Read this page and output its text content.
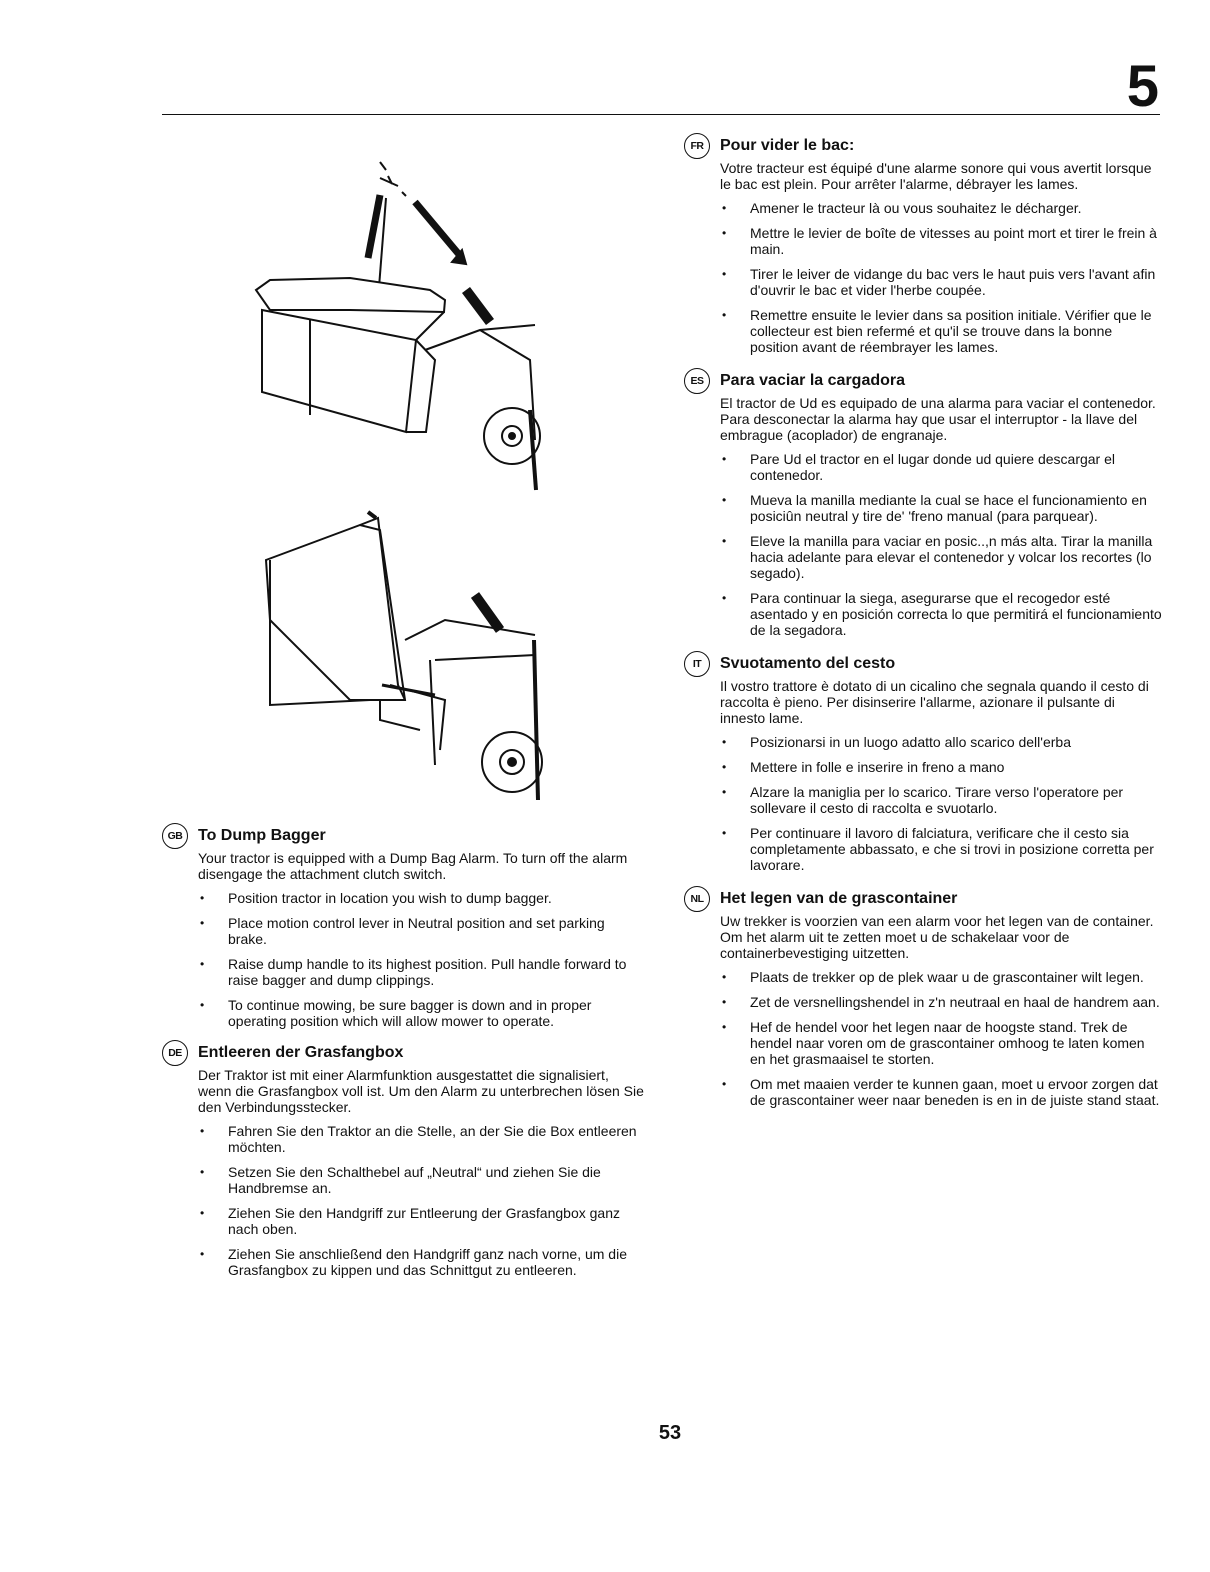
5
GB To Dump Bagger

Your tractor is equipped with a Dump Bag Alarm. To turn off the alarm disengage the attachment clutch switch.

• Position tractor in location you wish to dump bagger.
• Place motion control lever in Neutral position and set parking brake.
• Raise dump handle to its highest position. Pull handle forward to raise bagger and dump clippings.
• To continue mowing, be sure bagger is down and in proper operating position which will allow mower to operate.
DE	Entleeren der Grasfangbox

Der Traktor ist mit einer Alarmfunktion ausgestattet die signalisiert, wenn die Grasfangbox voll ist. Um den Alarm zu unterbrechen lösen Sie den Verbindungsstecker.

• Fahren Sie den Traktor an die Stelle, an der Sie die Box entleeren möchten.
• Setzen Sie den Schalthebel auf „Neutral“ und ziehen Sie die Handbremse an.
• Ziehen Sie den Handgriff zur Entleerung der Grasfangbox ganz nach oben.
• Ziehen Sie anschließend den Handgriff ganz nach vorne, um die Grasfangbox zu kippen und das Schnittgut zu entleeren.
FR	Pour vider le bac:

Votre tracteur est équipé d'une alarme sonore qui vous avertit lorsque le bac est plein. Pour arrêter l'alarme, débrayer les lames.

• Amener le tracteur là ou vous souhaitez le décharger.
• Mettre le levier de boîte de vitesses au point mort et tirer le frein à main.
• Tirer le leiver de vidange du bac vers le haut puis vers l'avant afin d'ouvrir le bac et vider l'herbe coupée.
• Remettre ensuite le levier dans sa position initiale. Vérifier que le collecteur est bien refermé et qu'il se trouve dans la bonne position avant de réembrayer les lames.
ES	Para vaciar la cargadora

El tractor de Ud es equipado de una alarma para vaciar el contenedor. Para desconectar la alarma hay que usar el interruptor - la llave del embrague (acoplador) de engranaje.

• Pare Ud el tractor en el lugar donde ud quiere descargar el contenedor.
• Mueva la manilla mediante la cual se hace el funcionamiento en posiciûn neutral y tire de' 'freno manual (para parquear).
• Eleve la manilla para vaciar en posic..,n más alta. Tirar la manilla hacia adelante para elevar el contenedor y volcar los recortes (lo segado).
• Para continuar la siega, asegurarse que el recogedor esté asentado y en posición correcta lo que permitirá el funcionamiento de la segadora.
IT	Svuotamento del cesto

Il vostro trattore è dotato di un cicalino che segnala quando il cesto di raccolta è pieno. Per disinserire l'allarme, azionare il pulsante di innesto lame.

• Posizionarsi in un luogo adatto allo scarico dell'erba
• Mettere in folle e inserire in freno a mano
• Alzare la maniglia per lo scarico. Tirare verso l'operatore per sollevare il cesto di raccolta e svuotarlo.
• Per continuare il lavoro di falciatura, verificare che il cesto sia completamente abbassato, e che si trovi in posizione corretta per lavorare.
NL	Het legen van de grascontainer

Uw trekker is voorzien van een alarm voor het legen van de container. Om het alarm uit te zetten moet u de schakelaar voor de containerbevestiging uitzetten.

• Plaats de trekker op de plek waar u de grascontainer wilt legen.
• Zet de versnellingshendel in z'n neutraal en haal de handrem aan.
• Hef de hendel voor het legen naar de hoogste stand. Trek de hendel naar voren om de grascontainer omhoog te laten komen en het grasmaaisel te storten.
• Om met maaien verder te kunnen gaan, moet u ervoor zorgen dat de grascontainer weer naar beneden is en in de juiste stand staat.
53
